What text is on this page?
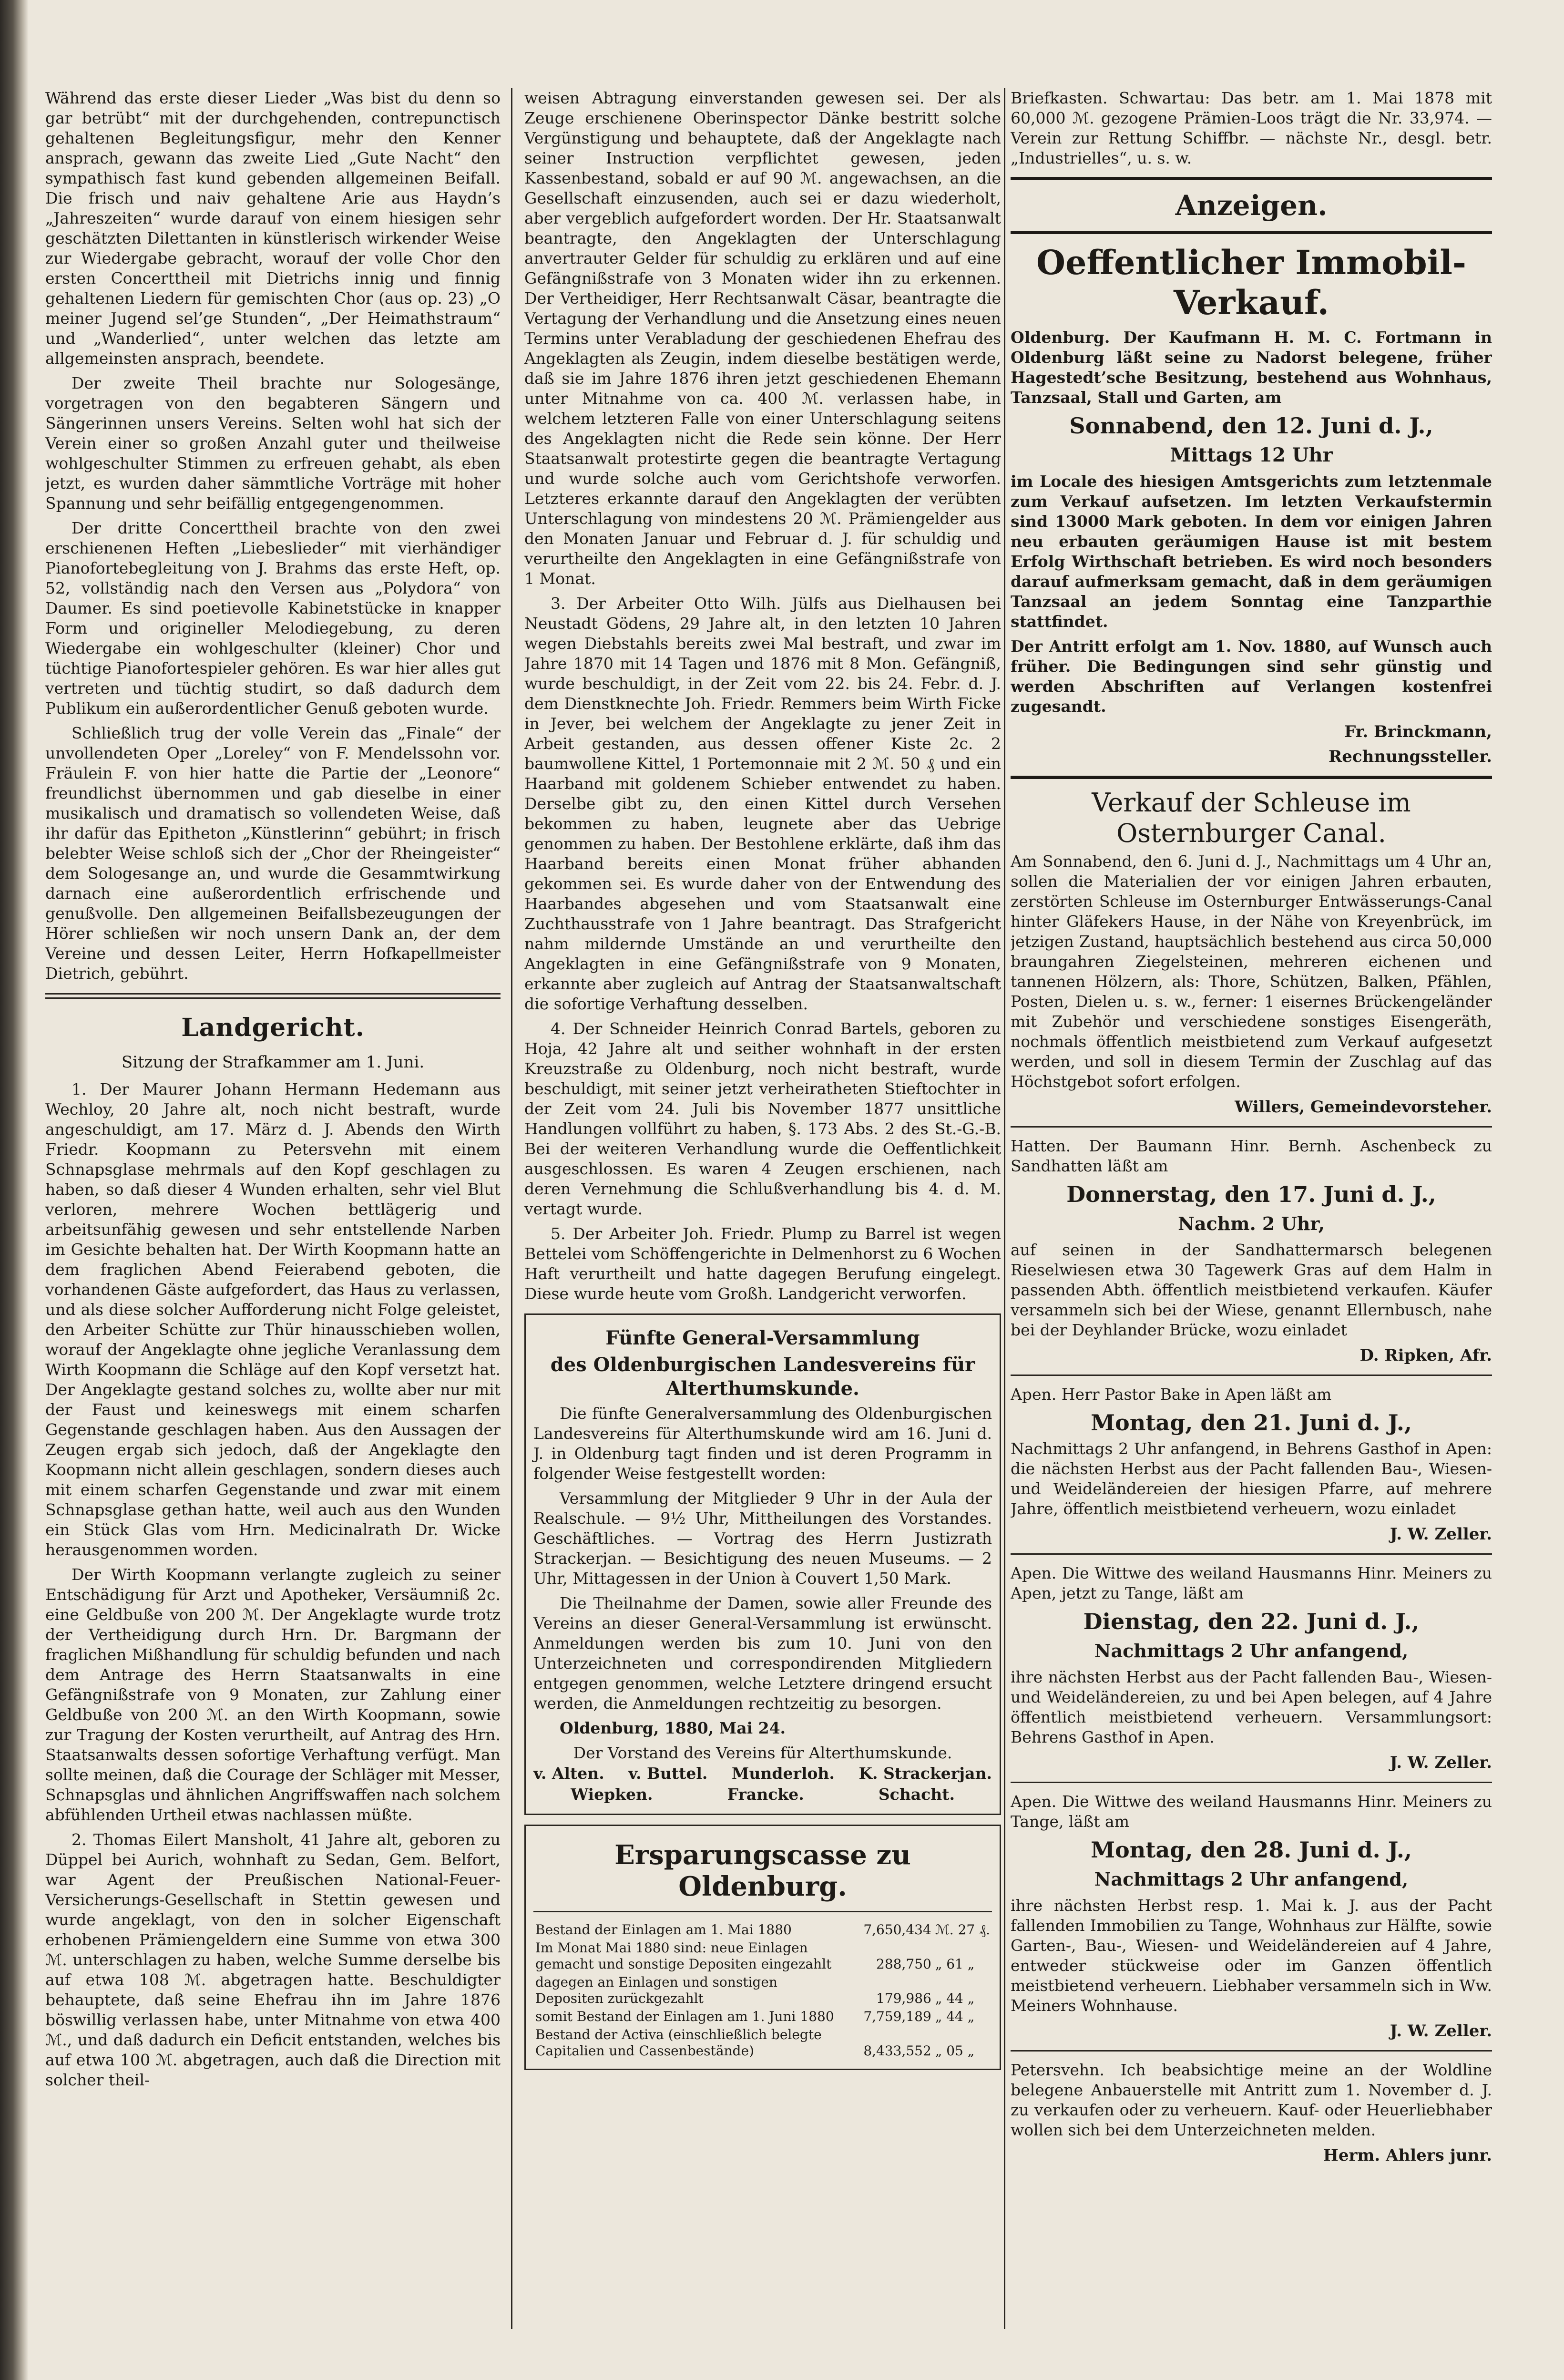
Während das erste dieser Lieder „Was bist du denn so gar betrübt“ mit der durchgehenden, contrepunctisch gehaltenen Begleitungsfigur, mehr den Kenner ansprach, gewann das zweite Lied „Gute Nacht“ den sympathisch fast kund gebenden allgemeinen Beifall. Die frisch und naiv gehaltene Arie aus Haydn’s „Jahreszeiten“ wurde darauf von einem hiesigen sehr geschätzten Dilettanten in künstlerisch wirkender Weise zur Wiedergabe gebracht, worauf der volle Chor den ersten Concerttheil mit Dietrichs innig und finnig gehaltenen Liedern für gemischten Chor (aus op. 23) „O meiner Jugend sel’ge Stunden“, „Der Heimathstraum“ und „Wanderlied“, unter welchen das letzte am allgemeinsten ansprach, beendete.

Der zweite Theil brachte nur Sologesänge, vorgetragen von den begabteren Sängern und Sängerinnen unsers Vereins. Selten wohl hat sich der Verein einer so großen Anzahl guter und theilweise wohlgeschulter Stimmen zu erfreuen gehabt, als eben jetzt, es wurden daher sämmtliche Vorträge mit hoher Spannung und sehr beifällig entgegengenommen.

Der dritte Concerttheil brachte von den zwei erschienenen Heften „Liebeslieder“ mit vierhändiger Pianofortebegleitung von J. Brahms das erste Heft, op. 52, vollständig nach den Versen aus „Polydora“ von Daumer. Es sind poetievolle Kabinetstücke in knapper Form und origineller Melodiegebung, zu deren Wiedergabe ein wohlgeschulter (kleiner) Chor und tüchtige Pianofortespieler gehören. Es war hier alles gut vertreten und tüchtig studirt, so daß dadurch dem Publikum ein außerordentlicher Genuß geboten wurde.

Schließlich trug der volle Verein das „Finale“ der unvollendeten Oper „Loreley“ von F. Mendelssohn vor. Fräulein F. von hier hatte die Partie der „Leonore“ freundlichst übernommen und gab dieselbe in einer musikalisch und dramatisch so vollendeten Weise, daß ihr dafür das Epitheton „Künstlerinn“ gebührt; in frisch belebter Weise schloß sich der „Chor der Rheingeister“ dem Sologesange an, und wurde die Gesammtwirkung darnach eine außerordentlich erfrischende und genußvolle. Den allgemeinen Beifallsbezeugungen der Hörer schließen wir noch unsern Dank an, der dem Vereine und dessen Leiter, Herrn Hofkapellmeister Dietrich, gebührt.

Landgericht.
Sitzung der Strafkammer am 1. Juni.

1. Der Maurer Johann Hermann Hedemann aus Wechloy, 20 Jahre alt, noch nicht bestraft, wurde angeschuldigt, am 17. März d. J. Abends den Wirth Friedr. Koopmann zu Petersvehn mit einem Schnapsglase mehrmals auf den Kopf geschlagen zu haben, so daß dieser 4 Wunden erhalten, sehr viel Blut verloren, mehrere Wochen bettlägerig und arbeitsunfähig gewesen und sehr entstellende Narben im Gesichte behalten hat. Der Wirth Koopmann hatte an dem fraglichen Abend Feierabend geboten, die vorhandenen Gäste aufgefordert, das Haus zu verlassen, und als diese solcher Aufforderung nicht Folge geleistet, den Arbeiter Schütte zur Thür hinausschieben wollen, worauf der Angeklagte ohne jegliche Veranlassung dem Wirth Koopmann die Schläge auf den Kopf versetzt hat. Der Angeklagte gestand solches zu, wollte aber nur mit der Faust und keineswegs mit einem scharfen Gegenstande geschlagen haben. Aus den Aussagen der Zeugen ergab sich jedoch, daß der Angeklagte den Koopmann nicht allein geschlagen, sondern dieses auch mit einem scharfen Gegenstande und zwar mit einem Schnapsglase gethan hatte, weil auch aus den Wunden ein Stück Glas vom Hrn. Medicinalrath Dr. Wicke herausgenommen worden.

Der Wirth Koopmann verlangte zugleich zu seiner Entschädigung für Arzt und Apotheker, Versäumniß 2c. eine Geldbuße von 200 ℳ. Der Angeklagte wurde trotz der Vertheidigung durch Hrn. Dr. Bargmann der fraglichen Mißhandlung für schuldig befunden und nach dem Antrage des Herrn Staatsanwalts in eine Gefängnißstrafe von 9 Monaten, zur Zahlung einer Geldbuße von 200 ℳ. an den Wirth Koopmann, sowie zur Tragung der Kosten verurtheilt, auf Antrag des Hrn. Staatsanwalts dessen sofortige Verhaftung verfügt. Man sollte meinen, daß die Courage der Schläger mit Messer, Schnapsglas und ähnlichen Angriffswaffen nach solchem abfühlenden Urtheil etwas nachlassen müßte.

2. Thomas Eilert Mansholt, 41 Jahre alt, geboren zu Düppel bei Aurich, wohnhaft zu Sedan, Gem. Belfort, war Agent der Preußischen National-Feuer-Versicherungs-Gesellschaft in Stettin gewesen und wurde angeklagt, von den in solcher Eigenschaft erhobenen Prämiengeldern eine Summe von etwa 300 ℳ. unterschlagen zu haben, welche Summe derselbe bis auf etwa 108 ℳ. abgetragen hatte. Beschuldigter behauptete, daß seine Ehefrau ihn im Jahre 1876 böswillig verlassen habe, unter Mitnahme von etwa 400 ℳ., und daß dadurch ein Deficit entstanden, welches bis auf etwa 100 ℳ. abgetragen, auch daß die Direction mit solcher theil-

weisen Abtragung einverstanden gewesen sei. Der als Zeuge erschienene Oberinspector Dänke bestritt solche Vergünstigung und behauptete, daß der Angeklagte nach seiner Instruction verpflichtet gewesen, jeden Kassenbestand, sobald er auf 90 ℳ. angewachsen, an die Gesellschaft einzusenden, auch sei er dazu wiederholt, aber vergeblich aufgefordert worden. Der Hr. Staatsanwalt beantragte, den Angeklagten der Unterschlagung anvertrauter Gelder für schuldig zu erklären und auf eine Gefängnißstrafe von 3 Monaten wider ihn zu erkennen. Der Vertheidiger, Herr Rechtsanwalt Cäsar, beantragte die Vertagung der Verhandlung und die Ansetzung eines neuen Termins unter Verabladung der geschiedenen Ehefrau des Angeklagten als Zeugin, indem dieselbe bestätigen werde, daß sie im Jahre 1876 ihren jetzt geschiedenen Ehemann unter Mitnahme von ca. 400 ℳ. verlassen habe, in welchem letzteren Falle von einer Unterschlagung seitens des Angeklagten nicht die Rede sein könne. Der Herr Staatsanwalt protestirte gegen die beantragte Vertagung und wurde solche auch vom Gerichtshofe verworfen. Letzteres erkannte darauf den Angeklagten der verübten Unterschlagung von mindestens 20 ℳ. Prämiengelder aus den Monaten Januar und Februar d. J. für schuldig und verurtheilte den Angeklagten in eine Gefängnißstrafe von 1 Monat.

3. Der Arbeiter Otto Wilh. Jülfs aus Dielhausen bei Neustadt Gödens, 29 Jahre alt, in den letzten 10 Jahren wegen Diebstahls bereits zwei Mal bestraft, und zwar im Jahre 1870 mit 14 Tagen und 1876 mit 8 Mon. Gefängniß, wurde beschuldigt, in der Zeit vom 22. bis 24. Febr. d. J. dem Dienstknechte Joh. Friedr. Remmers beim Wirth Ficke in Jever, bei welchem der Angeklagte zu jener Zeit in Arbeit gestanden, aus dessen offener Kiste 2c. 2 baumwollene Kittel, 1 Portemonnaie mit 2 ℳ. 50 ₰ und ein Haarband mit goldenem Schieber entwendet zu haben. Derselbe gibt zu, den einen Kittel durch Versehen bekommen zu haben, leugnete aber das Uebrige genommen zu haben. Der Bestohlene erklärte, daß ihm das Haarband bereits einen Monat früher abhanden gekommen sei. Es wurde daher von der Entwendung des Haarbandes abgesehen und vom Staatsanwalt eine Zuchthausstrafe von 1 Jahre beantragt. Das Strafgericht nahm mildernde Umstände an und verurtheilte den Angeklagten in eine Gefängnißstrafe von 9 Monaten, erkannte aber zugleich auf Antrag der Staatsanwaltschaft die sofortige Verhaftung desselben.

4. Der Schneider Heinrich Conrad Bartels, geboren zu Hoja, 42 Jahre alt und seither wohnhaft in der ersten Kreuzstraße zu Oldenburg, noch nicht bestraft, wurde beschuldigt, mit seiner jetzt verheiratheten Stieftochter in der Zeit vom 24. Juli bis November 1877 unsittliche Handlungen vollführt zu haben, §. 173 Abs. 2 des St.-G.-B. Bei der weiteren Verhandlung wurde die Oeffentlichkeit ausgeschlossen. Es waren 4 Zeugen erschienen, nach deren Vernehmung die Schlußverhandlung bis 4. d. M. vertagt wurde.

5. Der Arbeiter Joh. Friedr. Plump zu Barrel ist wegen Bettelei vom Schöffengerichte in Delmenhorst zu 6 Wochen Haft verurtheilt und hatte dagegen Berufung eingelegt. Diese wurde heute vom Großh. Landgericht verworfen.

Fünfte General-Versammlung
des Oldenburgischen Landesvereins für Alterthumskunde.

Die fünfte Generalversammlung des Oldenburgischen Landesvereins für Alterthumskunde wird am 16. Juni d. J. in Oldenburg tagt finden und ist deren Programm in folgender Weise festgestellt worden:

Versammlung der Mitglieder 9 Uhr in der Aula der Realschule. — 9½ Uhr, Mittheilungen des Vorstandes. Geschäftliches. — Vortrag des Herrn Justizrath Strackerjan. — Besichtigung des neuen Museums. — 2 Uhr, Mittagessen in der Union à Couvert 1,50 Mark.

Die Theilnahme der Damen, sowie aller Freunde des Vereins an dieser General-Versammlung ist erwünscht. Anmeldungen werden bis zum 10. Juni von den Unterzeichneten und correspondirenden Mitgliedern entgegen genommen, welche Letztere dringend ersucht werden, die Anmeldungen rechtzeitig zu besorgen.

Oldenburg, 1880, Mai 24.

Der Vorstand des Vereins für Alterthumskunde.
v. Alten. v. Buttel. Munderloh. K. Strackerjan.
Wiepken.	Francke.	Schacht.
Ersparungscasse zu Oldenburg.
Bestand der Einlagen am 1. Mai 1880	7,650,434	ℳ. 27 ₰.
Im Monat Mai 1880 sind: neue Einlagen gemacht und sonstige Depositen eingezahlt	288,750	„ 61 „
dagegen an Einlagen und sonstigen Depositen zurückgezahlt	179,986	„ 44 „
somit Bestand der Einlagen am 1. Juni 1880	7,759,189	„ 44 „
Bestand der Activa (einschließlich belegte Capitalien und Cassenbestände)	8,433,552	„ 05 „

Briefkasten. Schwartau: Das betr. am 1. Mai 1878 mit 60,000 ℳ. gezogene Prämien-Loos trägt die Nr. 33,974. — Verein zur Rettung Schiffbr. — nächste Nr., desgl. betr. „Industrielles“, u. s. w.

Anzeigen.
Oeffentlicher Immobil-Verkauf.

Oldenburg. Der Kaufmann H. M. C. Fortmann in Oldenburg läßt seine zu Nadorst belegene, früher Hagestedt’sche Besitzung, bestehend aus Wohnhaus, Tanzsaal, Stall und Garten, am

Sonnabend, den 12. Juni d. J.,
Mittags 12 Uhr

im Locale des hiesigen Amtsgerichts zum letztenmale zum Verkauf aufsetzen. Im letzten Verkaufstermin sind 13000 Mark geboten. In dem vor einigen Jahren neu erbauten geräumigen Hause ist mit bestem Erfolg Wirthschaft betrieben. Es wird noch besonders darauf aufmerksam gemacht, daß in dem geräumigen Tanzsaal an jedem Sonntag eine Tanzparthie stattfindet.

Der Antritt erfolgt am 1. Nov. 1880, auf Wunsch auch früher. Die Bedingungen sind sehr günstig und werden Abschriften auf Verlangen kostenfrei zugesandt.

Fr. Brinckmann,
Rechnungssteller.
Verkauf der Schleuse im Osternburger Canal.

Am Sonnabend, den 6. Juni d. J., Nachmittags um 4 Uhr an, sollen die Materialien der vor einigen Jahren erbauten, zerstörten Schleuse im Osternburger Entwässerungs-Canal hinter Gläfekers Hause, in der Nähe von Kreyenbrück, im jetzigen Zustand, hauptsächlich bestehend aus circa 50,000 braungahren Ziegelsteinen, mehreren eichenen und tannenen Hölzern, als: Thore, Schützen, Balken, Pfählen, Posten, Dielen u. s. w., ferner: 1 eisernes Brückengeländer mit Zubehör und verschiedene sonstiges Eisengeräth, nochmals öffentlich meistbietend zum Verkauf aufgesetzt werden, und soll in diesem Termin der Zuschlag auf das Höchstgebot sofort erfolgen.

Willers, Gemeindevorsteher.

Hatten. Der Baumann Hinr. Bernh. Aschenbeck zu Sandhatten läßt am

Donnerstag, den 17. Juni d. J.,
Nachm. 2 Uhr,

auf seinen in der Sandhattermarsch belegenen Rieselwiesen etwa 30 Tagewerk Gras auf dem Halm in passenden Abth. öffentlich meistbietend verkaufen. Käufer versammeln sich bei der Wiese, genannt Ellernbusch, nahe bei der Deyhlander Brücke, wozu einladet

D. Ripken, Afr.

Apen. Herr Pastor Bake in Apen läßt am

Montag, den 21. Juni d. J.,

Nachmittags 2 Uhr anfangend, in Behrens Gasthof in Apen: die nächsten Herbst aus der Pacht fallenden Bau-, Wiesen- und Weideländereien der hiesigen Pfarre, auf mehrere Jahre, öffentlich meistbietend verheuern, wozu einladet

J. W. Zeller.

Apen. Die Wittwe des weiland Hausmanns Hinr. Meiners zu Apen, jetzt zu Tange, läßt am

Dienstag, den 22. Juni d. J.,
Nachmittags 2 Uhr anfangend,

ihre nächsten Herbst aus der Pacht fallenden Bau-, Wiesen- und Weideländereien, zu und bei Apen belegen, auf 4 Jahre öffentlich meistbietend verheuern. Versammlungsort: Behrens Gasthof in Apen.

J. W. Zeller.

Apen. Die Wittwe des weiland Hausmanns Hinr. Meiners zu Tange, läßt am

Montag, den 28. Juni d. J.,
Nachmittags 2 Uhr anfangend,

ihre nächsten Herbst resp. 1. Mai k. J. aus der Pacht fallenden Immobilien zu Tange, Wohnhaus zur Hälfte, sowie Garten-, Bau-, Wiesen- und Weideländereien auf 4 Jahre, entweder stückweise oder im Ganzen öffentlich meistbietend verheuern. Liebhaber versammeln sich in Ww. Meiners Wohnhause.

J. W. Zeller.

Petersvehn. Ich beabsichtige meine an der Woldline belegene Anbauerstelle mit Antritt zum 1. November d. J. zu verkaufen oder zu verheuern. Kauf- oder Heuerliebhaber wollen sich bei dem Unterzeichneten melden.

Herm. Ahlers junr.
